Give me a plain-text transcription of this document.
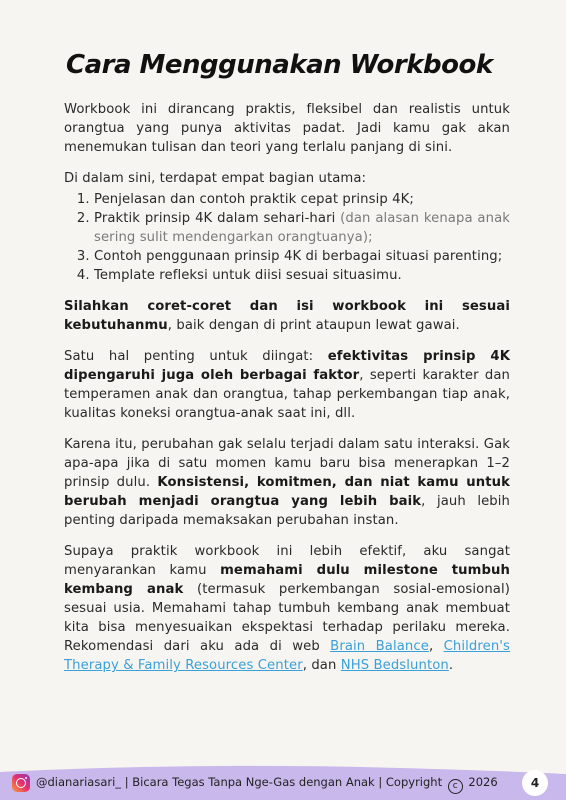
Cara Menggunakan Workbook

Workbook ini dirancang praktis, fleksibel dan realistis untuk orangtua yang punya aktivitas padat. Jadi kamu gak akan menemukan tulisan dan teori yang terlalu panjang di sini.

Di dalam sini, terdapat empat bagian utama:

1. Penjelasan dan contoh praktik cepat prinsip 4K;
2. Praktik prinsip 4K dalam sehari-hari (dan alasan kenapa anak sering sulit mendengarkan orangtuanya);
3. Contoh penggunaan prinsip 4K di berbagai situasi parenting;
4. Template refleksi untuk diisi sesuai situasimu.

Silahkan coret-coret dan isi workbook ini sesuai kebutuhanmu, baik dengan di print ataupun lewat gawai.

Satu hal penting untuk diingat: efektivitas prinsip 4K dipengaruhi juga oleh berbagai faktor, seperti karakter dan temperamen anak dan orangtua, tahap perkembangan tiap anak, kualitas koneksi orangtua-anak saat ini, dll.

Karena itu, perubahan gak selalu terjadi dalam satu interaksi. Gak apa-apa jika di satu momen kamu baru bisa menerapkan 1–2 prinsip dulu. Konsistensi, komitmen, dan niat kamu untuk berubah menjadi orangtua yang lebih baik, jauh lebih penting daripada memaksakan perubahan instan.

Supaya praktik workbook ini lebih efektif, aku sangat menyarankan kamu memahami dulu milestone tumbuh kembang anak (termasuk perkembangan sosial-emosional) sesuai usia. Memahami tahap tumbuh kembang anak membuat kita bisa menyesuaikan ekspektasi terhadap perilaku mereka. Rekomendasi dari aku ada di web Brain Balance, Children's Therapy & Family Resources Center, dan NHS Bedslunton.

@dianariasari_ | Bicara Tegas Tanpa Nge-Gas dengan Anak | Copyright c 2026	4
